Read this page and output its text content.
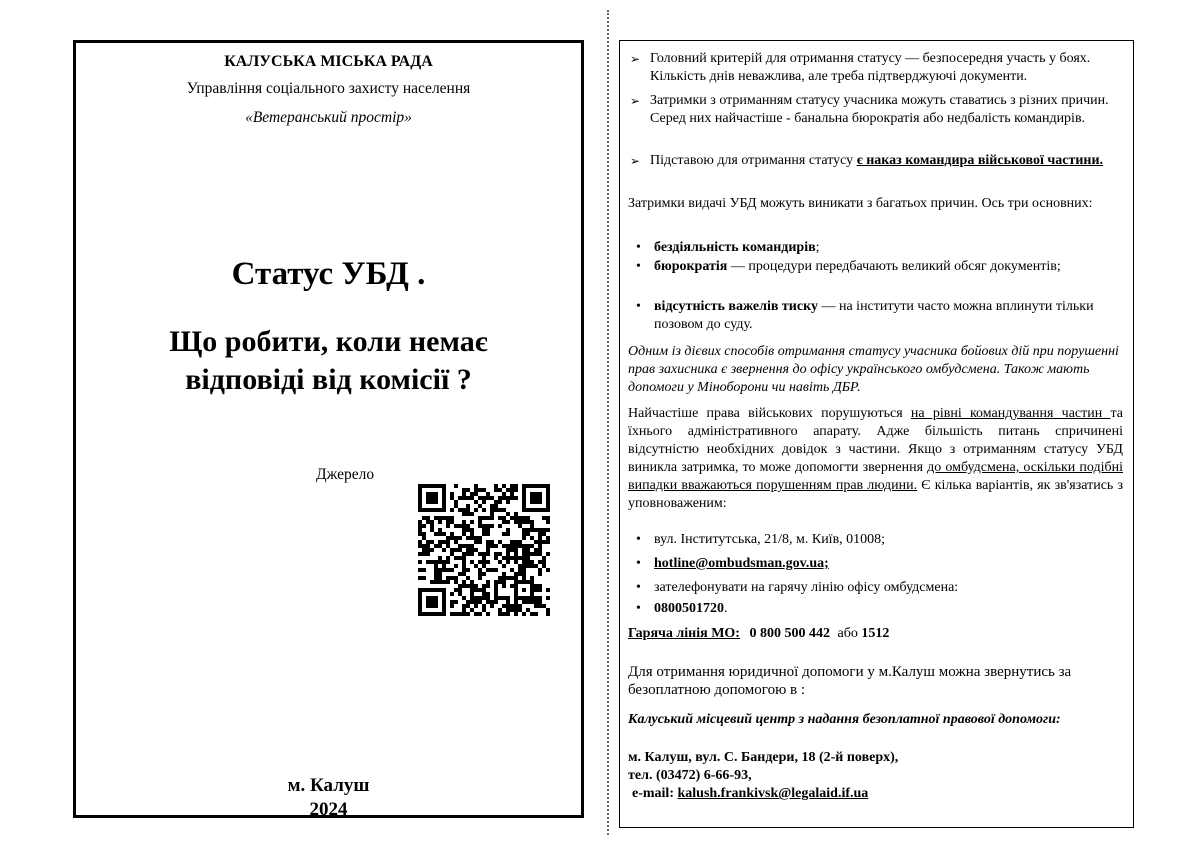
КАЛУСЬКА МІСЬКА РАДА
Управління соціального захисту населення
«Ветеранський простір»
Статус УБД .
Що робити, коли немає
відповіді від комісії ?
Джерело
м. Калуш
2024
➢ Головний критерій для отримання статусу — безпосередня участь у боях. Кількість днів неважлива, але треба підтверджуючі документи.
➢ Затримки з отриманням статусу учасника можуть ставатись з різних причин. Серед них найчастіше - банальна бюрократія або недбалість командирів.
➢ Підставою для отримання статусу є наказ командира військової частини.
Затримки видачі УБД можуть виникати з багатьох причин. Ось три основних:
• бездіяльність командирів;
• бюрократія — процедури передбачають великий обсяг документів;
• відсутність важелів тиску — на інститути часто можна вплинути тільки позовом до суду.
Одним із дієвих способів отримання статусу учасника бойових дій при порушенні прав захисника є звернення до офісу українського омбудсмена. Також мають допомоги у Міноборони чи навіть ДБР.
Найчастіше права військових порушуються на рівні командування частин та їхнього адміністративного апарату. Адже більшість питань спричинені відсутністю необхідних довідок з частини. Якщо з отриманням статусу УБД виникла затримка, то може допомогти звернення до омбудсмена, оскільки подібні випадки вважаються порушенням прав людини. Є кілька варіантів, як зв'язатись з уповноваженим:
• вул. Інститутська, 21/8, м. Київ, 01008;
• hotline@ombudsman.gov.ua;
• зателефонувати на гарячу лінію офісу омбудсмена:
• 0800501720.
Гаряча лінія МО: 0 800 500 442 або 1512
Для отримання юридичної допомоги у м.Калуш можна звернутись за безоплатною допомогою в :
Калуський місцевий центр з надання безоплатної правової допомоги:
м. Калуш, вул. С. Бандери, 18 (2-й поверх),
тел. (03472) 6-66-93,
e-mail: kalush.frankivsk@legalaid.if.ua
